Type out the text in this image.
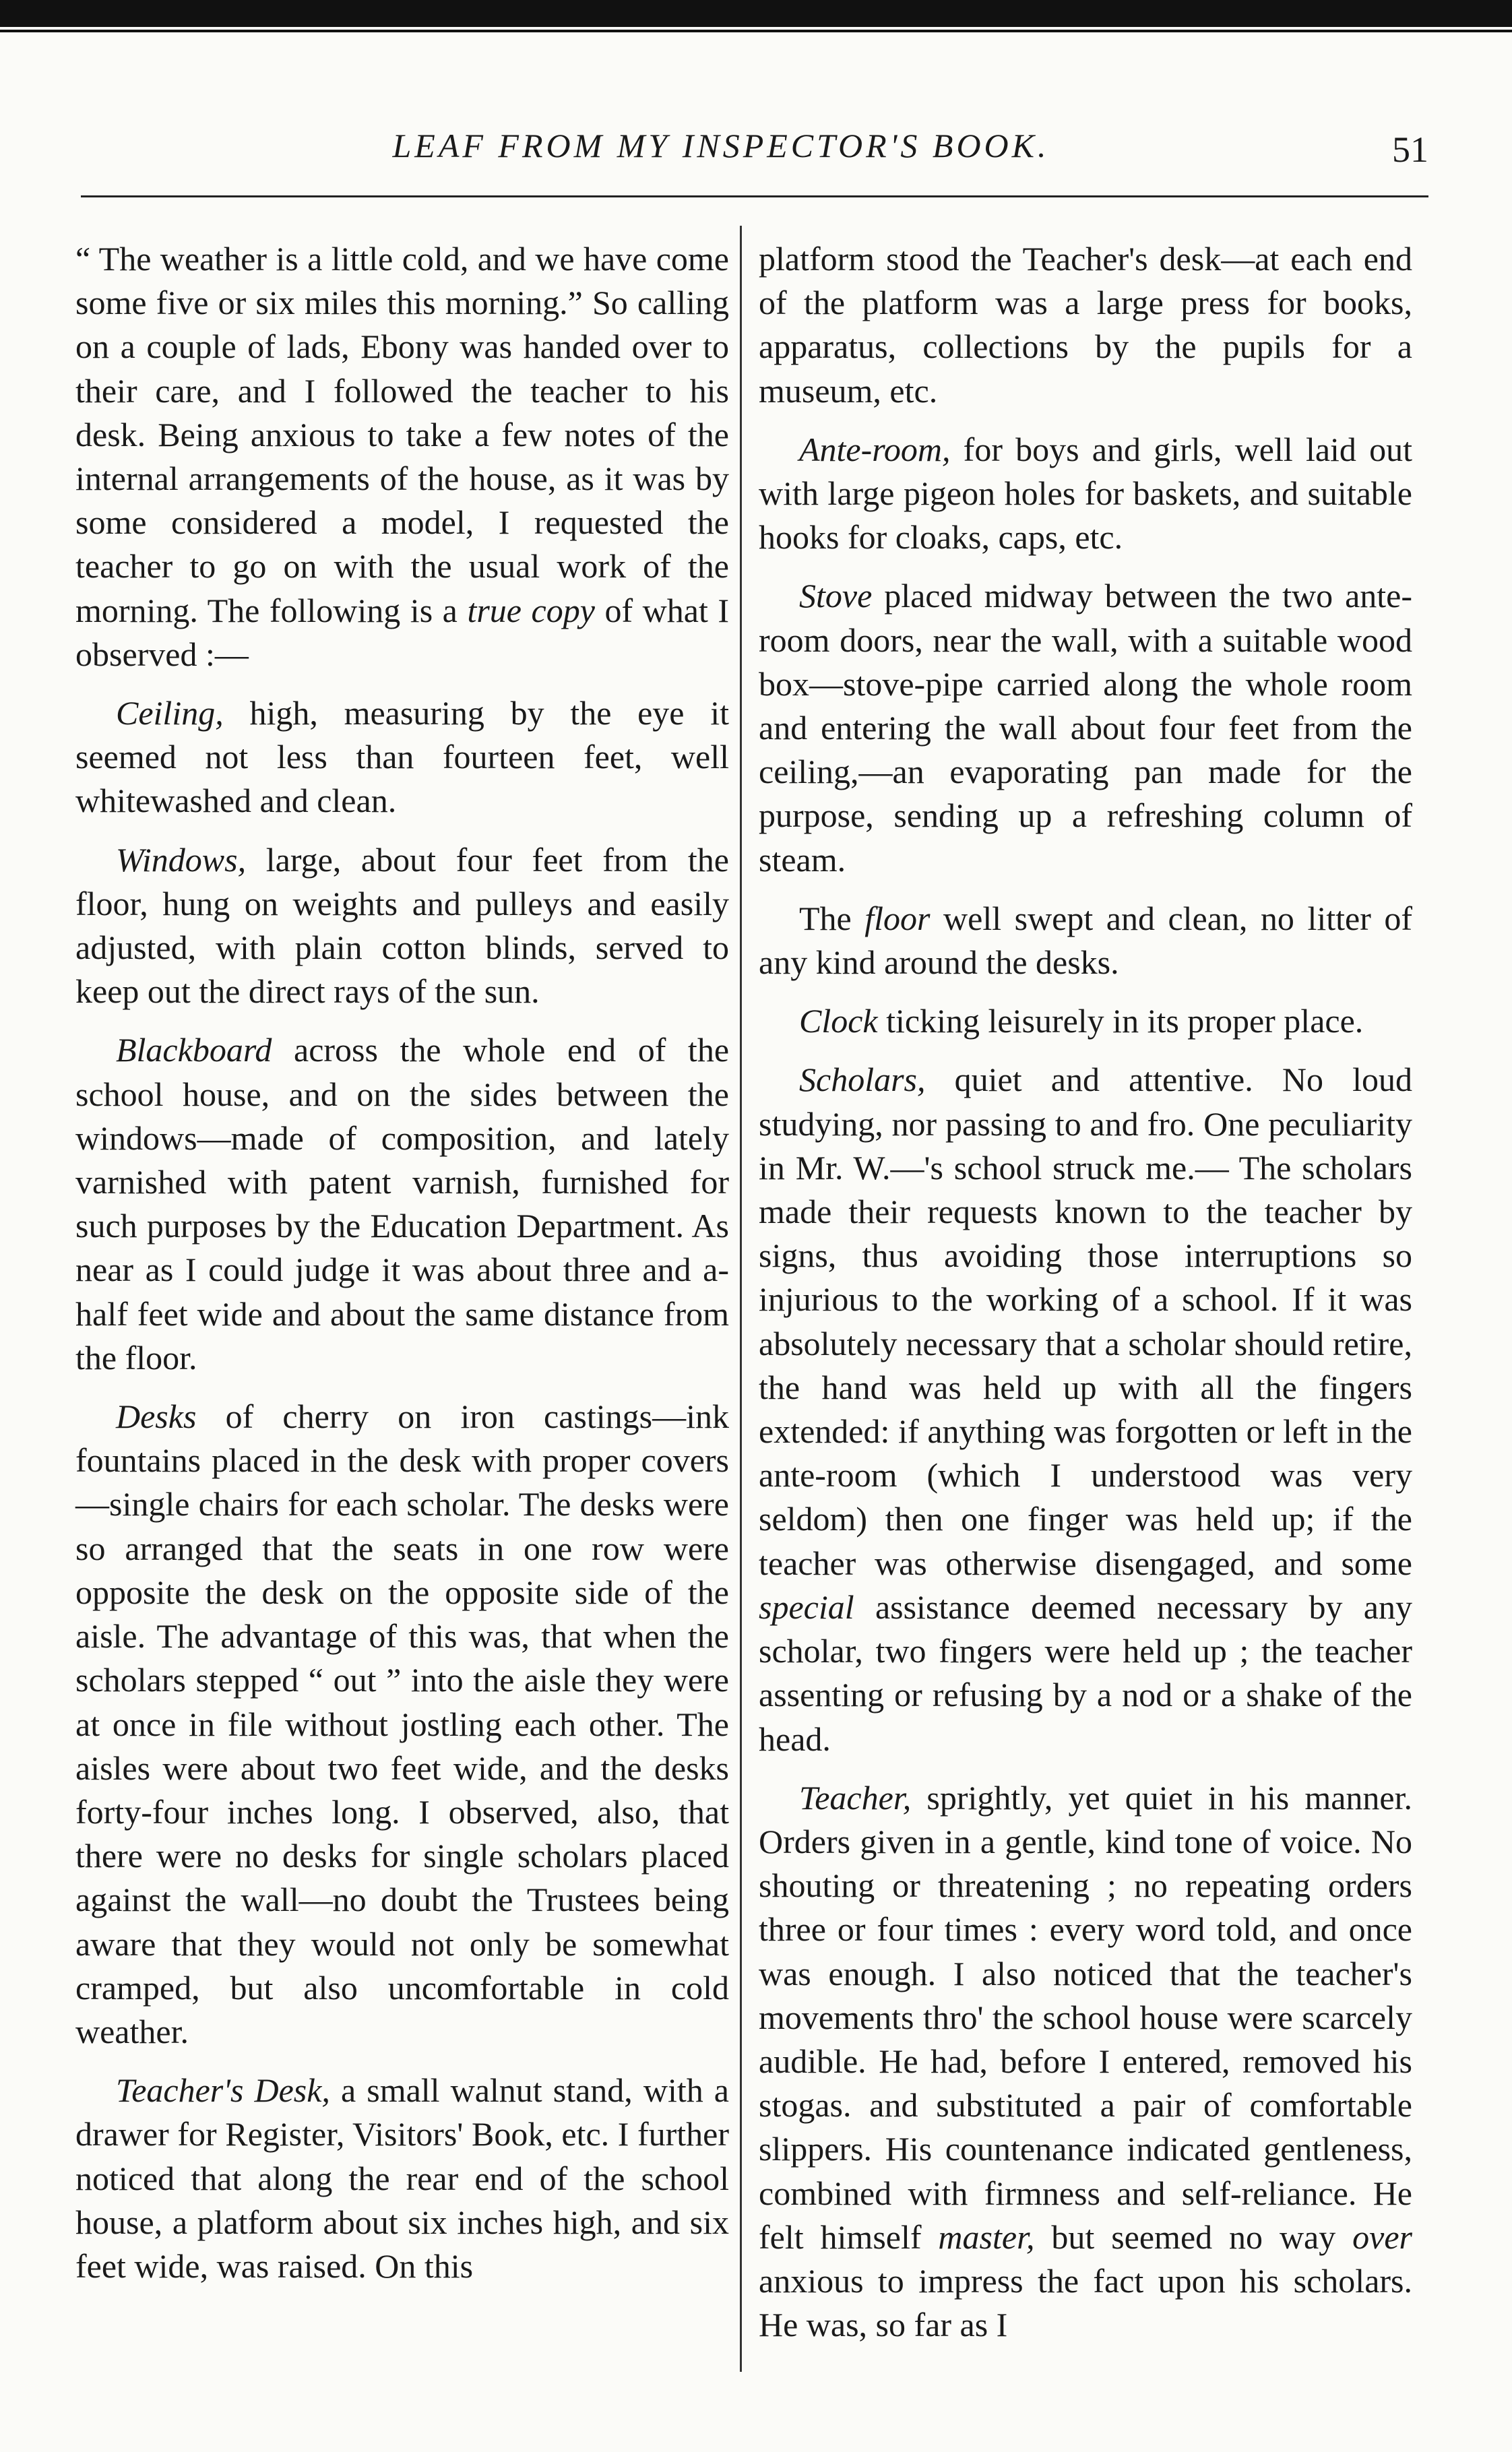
LEAF FROM MY INSPECTOR'S BOOK.	51

“ The weather is a little cold, and we have come some five or six miles this morning.” So calling on a couple of lads, Ebony was handed over to their care, and I followed the teacher to his desk. Being anxious to take a few notes of the internal arrangements of the house, as it was by some considered a model, I requested the teacher to go on with the usual work of the morning. The following is a true copy of what I observed :—

Ceiling, high, measuring by the eye it seemed not less than fourteen feet, well whitewashed and clean.

Windows, large, about four feet from the floor, hung on weights and pulleys and easily adjusted, with plain cotton blinds, served to keep out the direct rays of the sun.

Blackboard across the whole end of the school house, and on the sides between the windows—made of composition, and lately varnished with patent varnish, furnished for such purposes by the Education Department. As near as I could judge it was about three and a-half feet wide and about the same distance from the floor.

Desks of cherry on iron castings—ink fountains placed in the desk with proper covers—single chairs for each scholar. The desks were so arranged that the seats in one row were opposite the desk on the opposite side of the aisle. The advantage of this was, that when the scholars stepped “ out ” into the aisle they were at once in file without jostling each other. The aisles were about two feet wide, and the desks forty-four inches long. I observed, also, that there were no desks for single scholars placed against the wall—no doubt the Trustees being aware that they would not only be somewhat cramped, but also uncomfortable in cold weather.

Teacher's Desk, a small walnut stand, with a drawer for Register, Visitors' Book, etc. I further noticed that along the rear end of the school house, a platform about six inches high, and six feet wide, was raised. On this

platform stood the Teacher's desk—at each end of the platform was a large press for books, apparatus, collections by the pupils for a museum, etc.

Ante-room, for boys and girls, well laid out with large pigeon holes for baskets, and suitable hooks for cloaks, caps, etc.

Stove placed midway between the two ante-room doors, near the wall, with a suitable wood box—stove-pipe carried along the whole room and entering the wall about four feet from the ceiling,—an evaporating pan made for the purpose, sending up a refreshing column of steam.

The floor well swept and clean, no litter of any kind around the desks.

Clock ticking leisurely in its proper place.

Scholars, quiet and attentive. No loud studying, nor passing to and fro. One peculiarity in Mr. W.—'s school struck me.— The scholars made their requests known to the teacher by signs, thus avoiding those interruptions so injurious to the working of a school. If it was absolutely necessary that a scholar should retire, the hand was held up with all the fingers extended: if anything was forgotten or left in the ante-room (which I understood was very seldom) then one finger was held up; if the teacher was otherwise disengaged, and some special assistance deemed necessary by any scholar, two fingers were held up ; the teacher assenting or refusing by a nod or a shake of the head.

Teacher, sprightly, yet quiet in his manner. Orders given in a gentle, kind tone of voice. No shouting or threatening ; no repeating orders three or four times : every word told, and once was enough. I also noticed that the teacher's movements thro' the school house were scarcely audible. He had, before I entered, removed his stogas. and substituted a pair of comfortable slippers. His countenance indicated gentleness, combined with firmness and self-reliance. He felt himself master, but seemed no way over anxious to impress the fact upon his scholars. He was, so far as I
